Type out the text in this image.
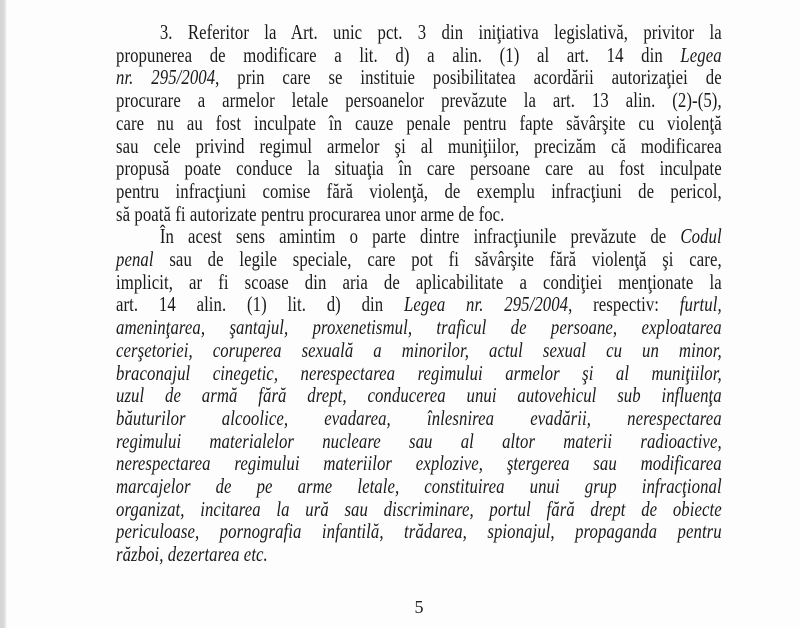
3. Referitor la Art. unic pct. 3 din iniţiativa legislativă, privitor la
propunerea de modificare a lit. d) a alin. (1) al art. 14 din Legea
nr. 295/2004, prin care se instituie posibilitatea acordării autorizaţiei de
procurare a armelor letale persoanelor prevăzute la art. 13 alin. (2)-(5),
care nu au fost inculpate în cauze penale pentru fapte săvârşite cu violenţă
sau cele privind regimul armelor şi al muniţiilor, precizăm că modificarea
propusă poate conduce la situaţia în care persoane care au fost inculpate
pentru infracţiuni comise fără violenţă, de exemplu infracţiuni de pericol,
să poată fi autorizate pentru procurarea unor arme de foc.
În acest sens amintim o parte dintre infracţiunile prevăzute de Codul
penal sau de legile speciale, care pot fi săvârşite fără violenţă şi care,
implicit, ar fi scoase din aria de aplicabilitate a condiţiei menţionate la
art. 14 alin. (1) lit. d) din Legea nr. 295/2004, respectiv: furtul,
ameninţarea, şantajul, proxenetismul, traficul de persoane, exploatarea
cerşetoriei, coruperea sexuală a minorilor, actul sexual cu un minor,
braconajul cinegetic, nerespectarea regimului armelor şi al muniţiilor,
uzul de armă fără drept, conducerea unui autovehicul sub influenţa
băuturilor alcoolice, evadarea, înlesnirea evadării, nerespectarea
regimului materialelor nucleare sau al altor materii radioactive,
nerespectarea regimului materiilor explozive, ştergerea sau modificarea
marcajelor de pe arme letale, constituirea unui grup infracţional
organizat, incitarea la ură sau discriminare, portul fără drept de obiecte
periculoase, pornografia infantilă, trădarea, spionajul, propaganda pentru
război, dezertarea etc.
5
